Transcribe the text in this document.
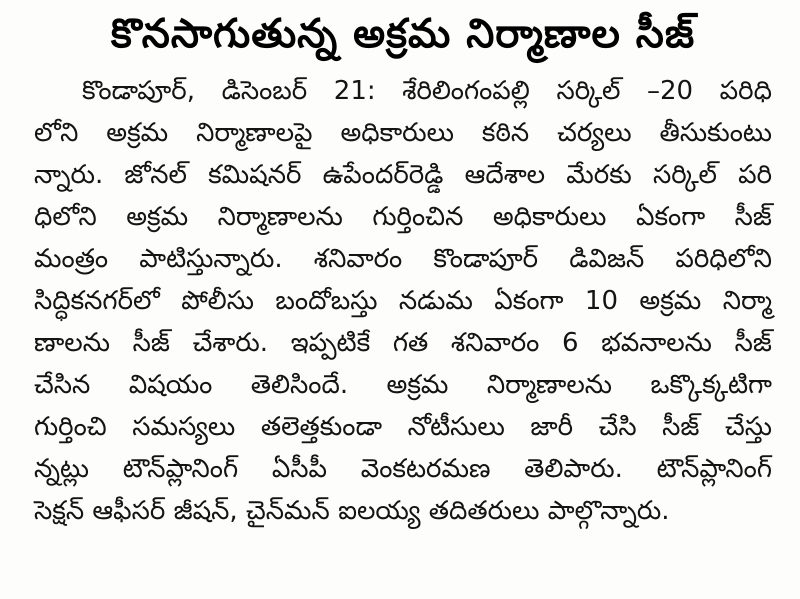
కొనసాగుతున్న అక్రమ నిర్మాణాల సీజ్
కొండాపూర్, డిసెంబర్ 21: శేరిలింగంపల్లి సర్కిల్ –20 పరిధి
లోని అక్రమ నిర్మాణాలపై అధికారులు కఠిన చర్యలు తీసుకుంటు
న్నారు. జోనల్ కమిషనర్ ఉపేందర్‌రెడ్డి ఆదేశాల మేరకు సర్కిల్ పరి
ధిలోని అక్రమ నిర్మాణాలను గుర్తించిన అధికారులు ఏకంగా సీజ్
మంత్రం పాటిస్తున్నారు. శనివారం కొండాపూర్ డివిజన్ పరిధిలోని
సిద్ధికనగర్‌లో పోలీసు బందోబస్తు నడుమ ఏకంగా 10 అక్రమ నిర్మా
ణాలను సీజ్ చేశారు. ఇప్పటికే గత శనివారం 6 భవనాలను సీజ్
చేసిన విషయం తెలిసిందే. అక్రమ నిర్మాణాలను ఒక్కొక్కటిగా
గుర్తించి సమస్యలు తలెత్తకుండా నోటీసులు జారీ చేసి సీజ్ చేస్తు
న్నట్లు టౌన్‌ప్లానింగ్ ఏసీపీ వెంకటరమణ తెలిపారు. టౌన్‌ప్లానింగ్
సెక్షన్ ఆఫీసర్ జీషన్, చైన్‌మన్ ఐలయ్య తదితరులు పాల్గొన్నారు.
